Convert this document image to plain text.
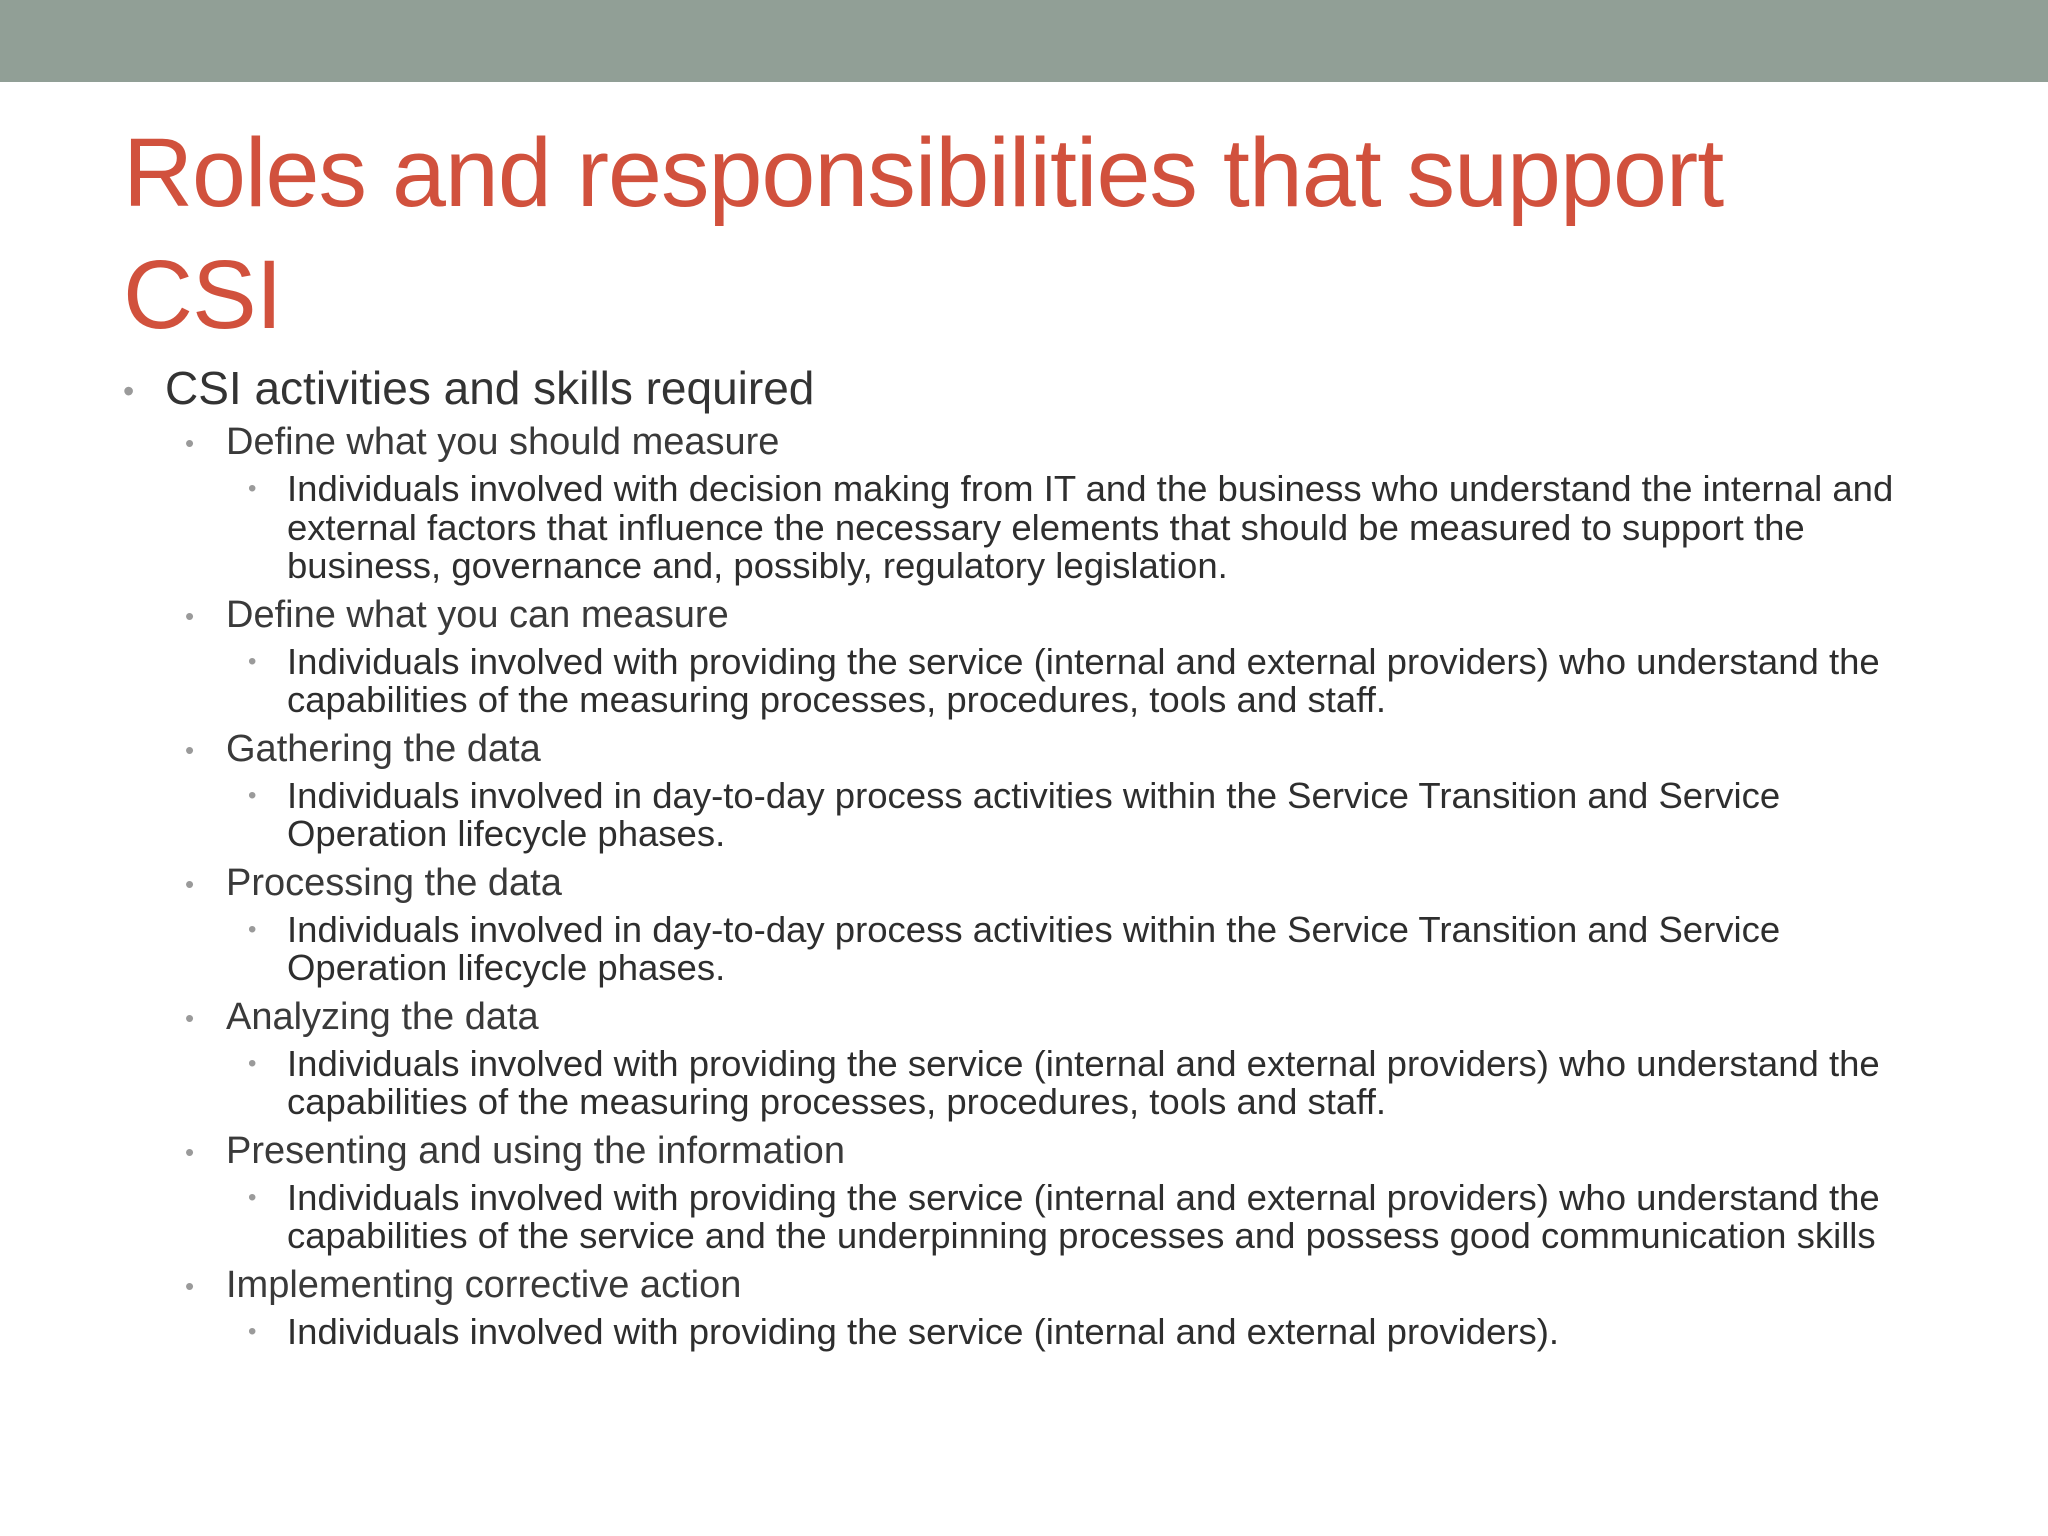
Roles and responsibilities that support
CSI
• CSI activities and skills required
• Define what you should measure
• Individuals involved with decision making from IT and the business who understand the internal and external factors that influence the necessary elements that should be measured to support the business, governance and, possibly, regulatory legislation.
• Define what you can measure
• Individuals involved with providing the service (internal and external providers) who understand the capabilities of the measuring processes, procedures, tools and staff.
• Gathering the data
• Individuals involved in day-to-day process activities within the Service Transition and Service Operation lifecycle phases.
• Processing the data
• Individuals involved in day-to-day process activities within the Service Transition and Service Operation lifecycle phases.
• Analyzing the data
• Individuals involved with providing the service (internal and external providers) who understand the capabilities of the measuring processes, procedures, tools and staff.
• Presenting and using the information
• Individuals involved with providing the service (internal and external providers) who understand the capabilities of the service and the underpinning processes and possess good communication skills
• Implementing corrective action
• Individuals involved with providing the service (internal and external providers).
